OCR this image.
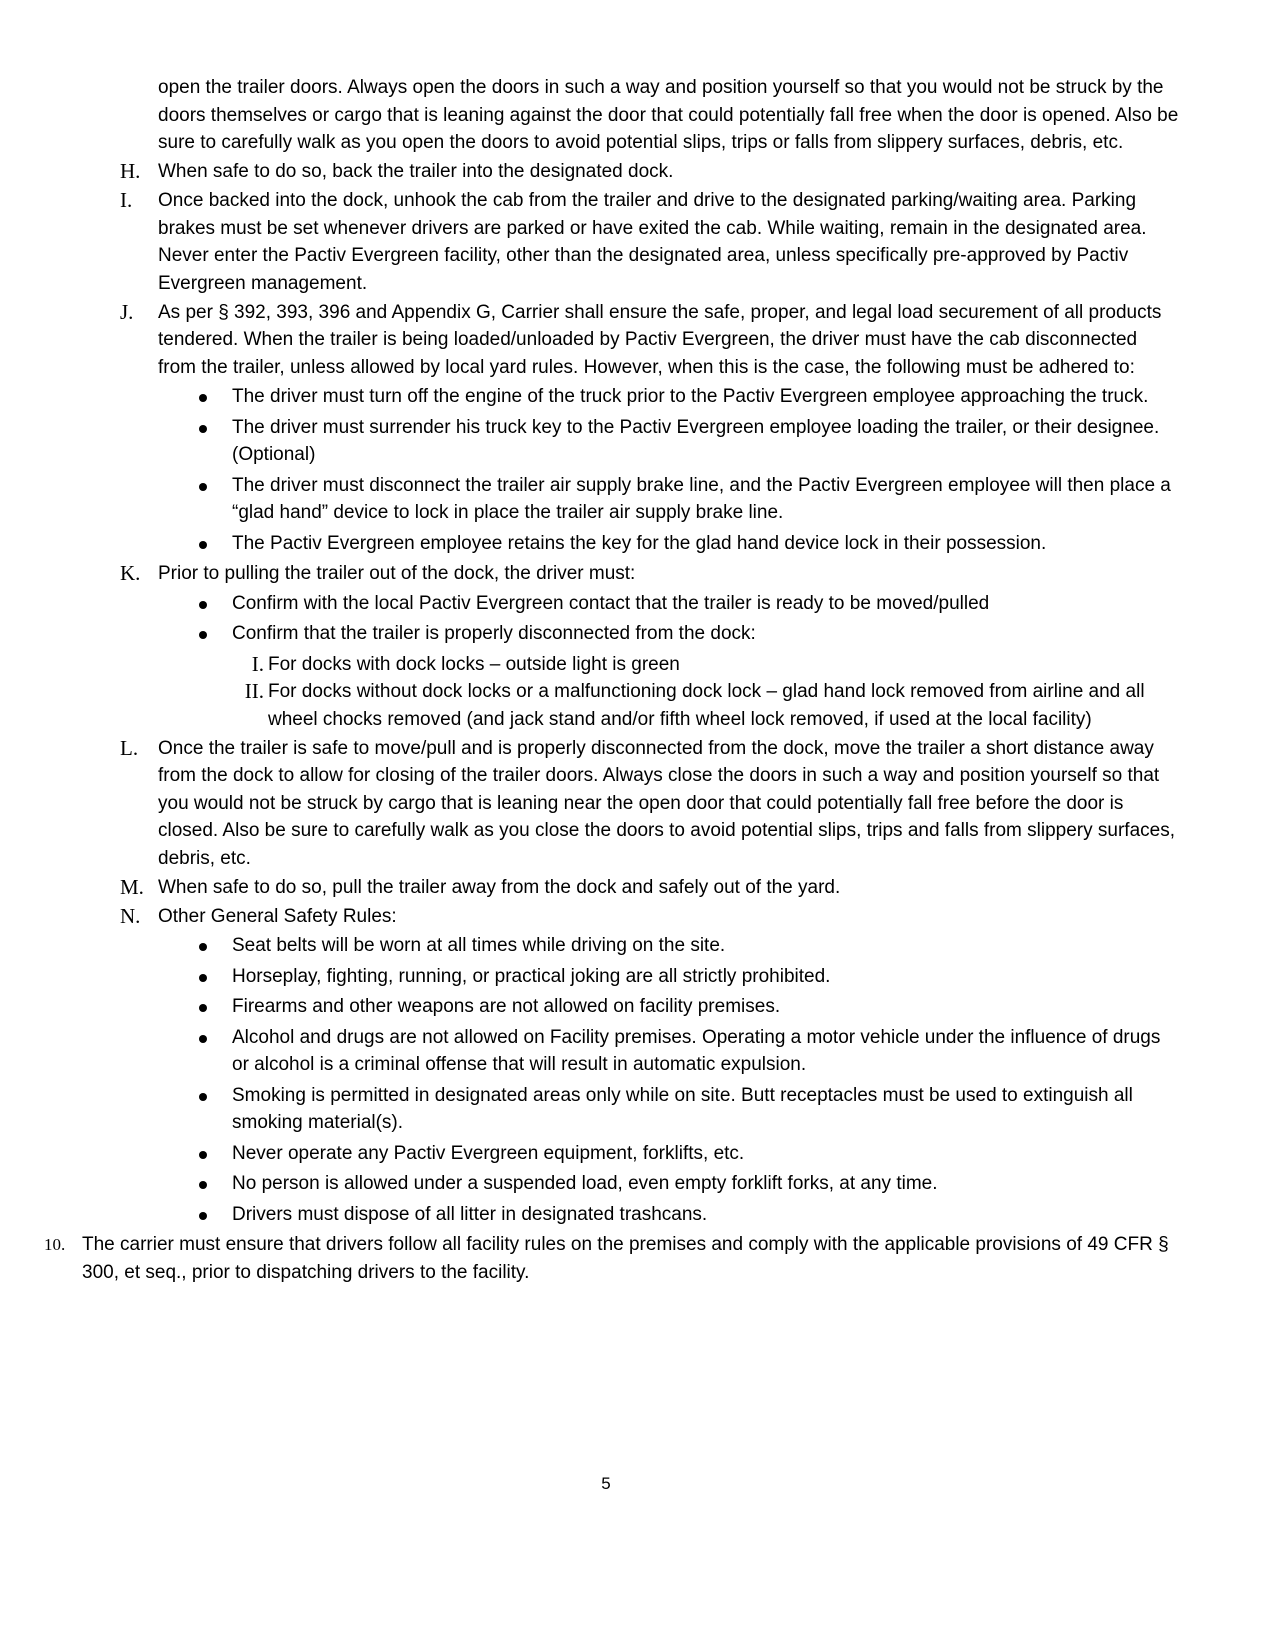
open the trailer doors. Always open the doors in such a way and position yourself so that you would not be struck by the doors themselves or cargo that is leaning against the door that could potentially fall free when the door is opened. Also be sure to carefully walk as you open the doors to avoid potential slips, trips or falls from slippery surfaces, debris, etc.

H. When safe to do so, back the trailer into the designated dock.
I.	Once backed into the dock, unhook the cab from the trailer and drive to the designated parking/waiting area. Parking brakes must be set whenever drivers are parked or have exited the cab. While waiting, remain in the designated area. Never enter the Pactiv Evergreen facility, other than the designated area, unless specifically pre-approved by Pactiv Evergreen management.
J.	As per § 392, 393, 396 and Appendix G, Carrier shall ensure the safe, proper, and legal load securement of all products tendered. When the trailer is being loaded/unloaded by Pactiv Evergreen, the driver must have the cab disconnected from the trailer, unless allowed by local yard rules. However, when this is the case, the following must be adhered to:
The driver must turn off the engine of the truck prior to the Pactiv Evergreen employee approaching the truck.
The driver must surrender his truck key to the Pactiv Evergreen employee loading the trailer, or their designee. (Optional)
The driver must disconnect the trailer air supply brake line, and the Pactiv Evergreen employee will then place a “glad hand” device to lock in place the trailer air supply brake line.
The Pactiv Evergreen employee retains the key for the glad hand device lock in their possession.
K. Prior to pulling the trailer out of the dock, the driver must:
Confirm with the local Pactiv Evergreen contact that the trailer is ready to be moved/pulled
Confirm that the trailer is properly disconnected from the dock:
I. For docks with dock locks – outside light is green
II. For docks without dock locks or a malfunctioning dock lock – glad hand lock removed from airline and all wheel chocks removed (and jack stand and/or fifth wheel lock removed, if used at the local facility)
L.	Once the trailer is safe to move/pull and is properly disconnected from the dock, move the trailer a short distance away from the dock to allow for closing of the trailer doors. Always close the doors in such a way and position yourself so that you would not be struck by cargo that is leaning near the open door that could potentially fall free before the door is closed. Also be sure to carefully walk as you close the doors to avoid potential slips, trips and falls from slippery surfaces, debris, etc.
M. When safe to do so, pull the trailer away from the dock and safely out of the yard.
N. Other General Safety Rules:
Seat belts will be worn at all times while driving on the site.
Horseplay, fighting, running, or practical joking are all strictly prohibited.
Firearms and other weapons are not allowed on facility premises.
Alcohol and drugs are not allowed on Facility premises. Operating a motor vehicle under the influence of drugs or alcohol is a criminal offense that will result in automatic expulsion.
Smoking is permitted in designated areas only while on site. Butt receptacles must be used to extinguish all smoking material(s).
Never operate any Pactiv Evergreen equipment, forklifts, etc.
No person is allowed under a suspended load, even empty forklift forks, at any time.
Drivers must dispose of all litter in designated trashcans.
10. The carrier must ensure that drivers follow all facility rules on the premises and comply with the applicable provisions of 49 CFR § 300, et seq., prior to dispatching drivers to the facility.
5
